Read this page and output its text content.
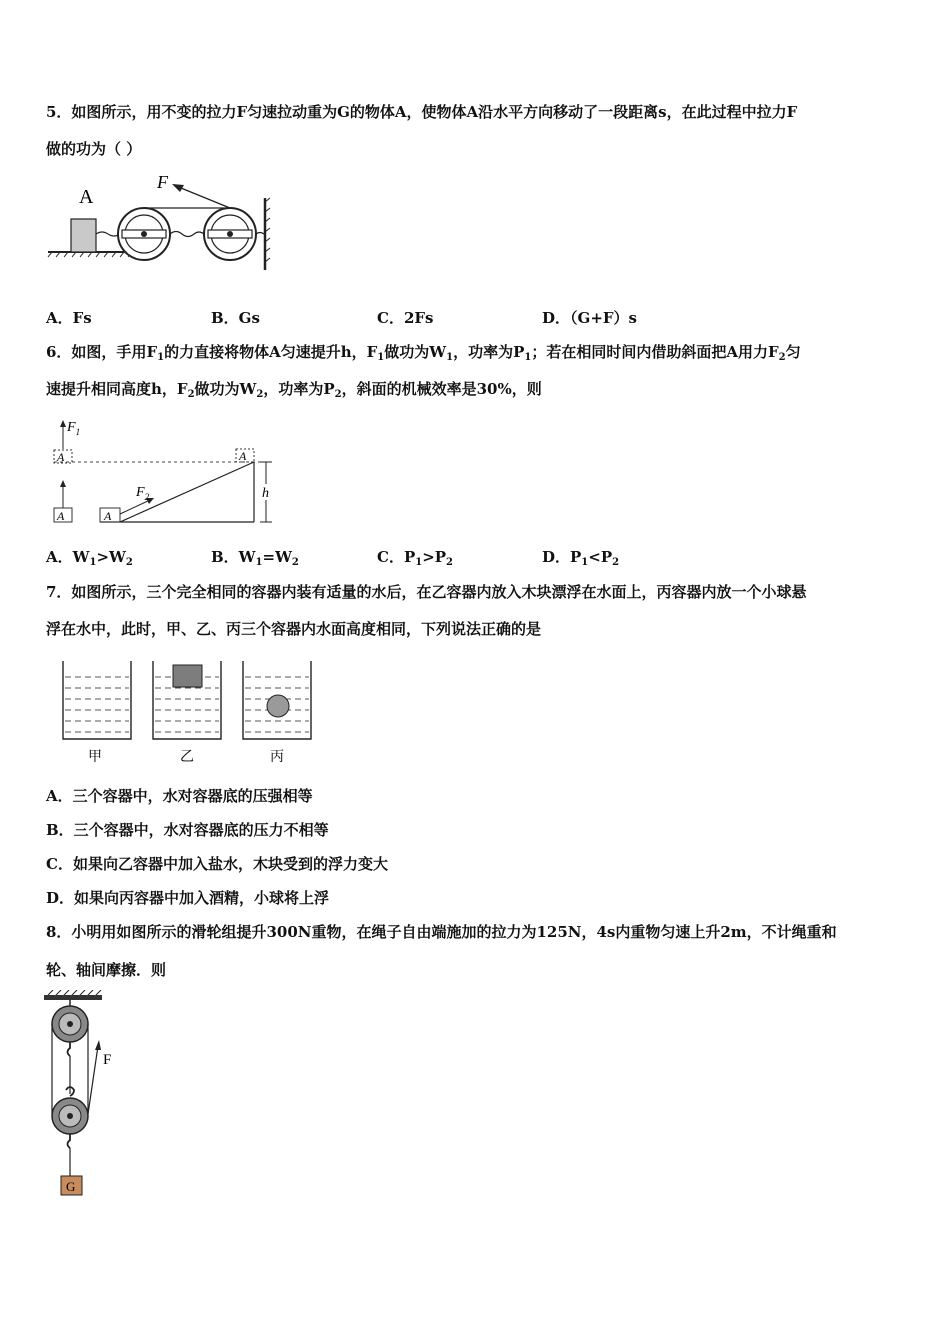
5．如图所示，用不变的拉力F匀速拉动重为G的物体A，使物体A沿水平方向移动了一段距离s，在此过程中拉力F
做的功为（ ）
A
F
A．Fs	B．Gs	C．2Fs	D．（G+F）s
6．如图，手用$F_1$的力直接将物体A匀速提升h，$F_1$做功为$W_1$，功率为$P_1$；若在相同时间内借助斜面把A用力$F_2$匀
速提升相同高度h，$F_2$做功为$W_2$，功率为$P_2$，斜面的机械效率是30%，则
A
$F_1$
A	A
$F_2$
A
h
A．$W_1>W_2$	B．$W_1=W_2$	C．$P_1>P_2$	D．$P_1<P_2$
7．如图所示，三个完全相同的容器内装有适量的水后，在乙容器内放入木块漂浮在水面上，丙容器内放一个小球悬
浮在水中，此时，甲、乙、丙三个容器内水面高度相同，下列说法正确的是
甲	乙	丙
A．三个容器中，水对容器底的压强相等
B．三个容器中，水对容器底的压力不相等
C．如果向乙容器中加入盐水，木块受到的浮力变大
D．如果向丙容器中加入酒精，小球将上浮
8．小明用如图所示的滑轮组提升300N重物，在绳子自由端施加的拉力为125N，4s内重物匀速上升2m，不计绳重和
轮、轴间摩擦．则
F
G
